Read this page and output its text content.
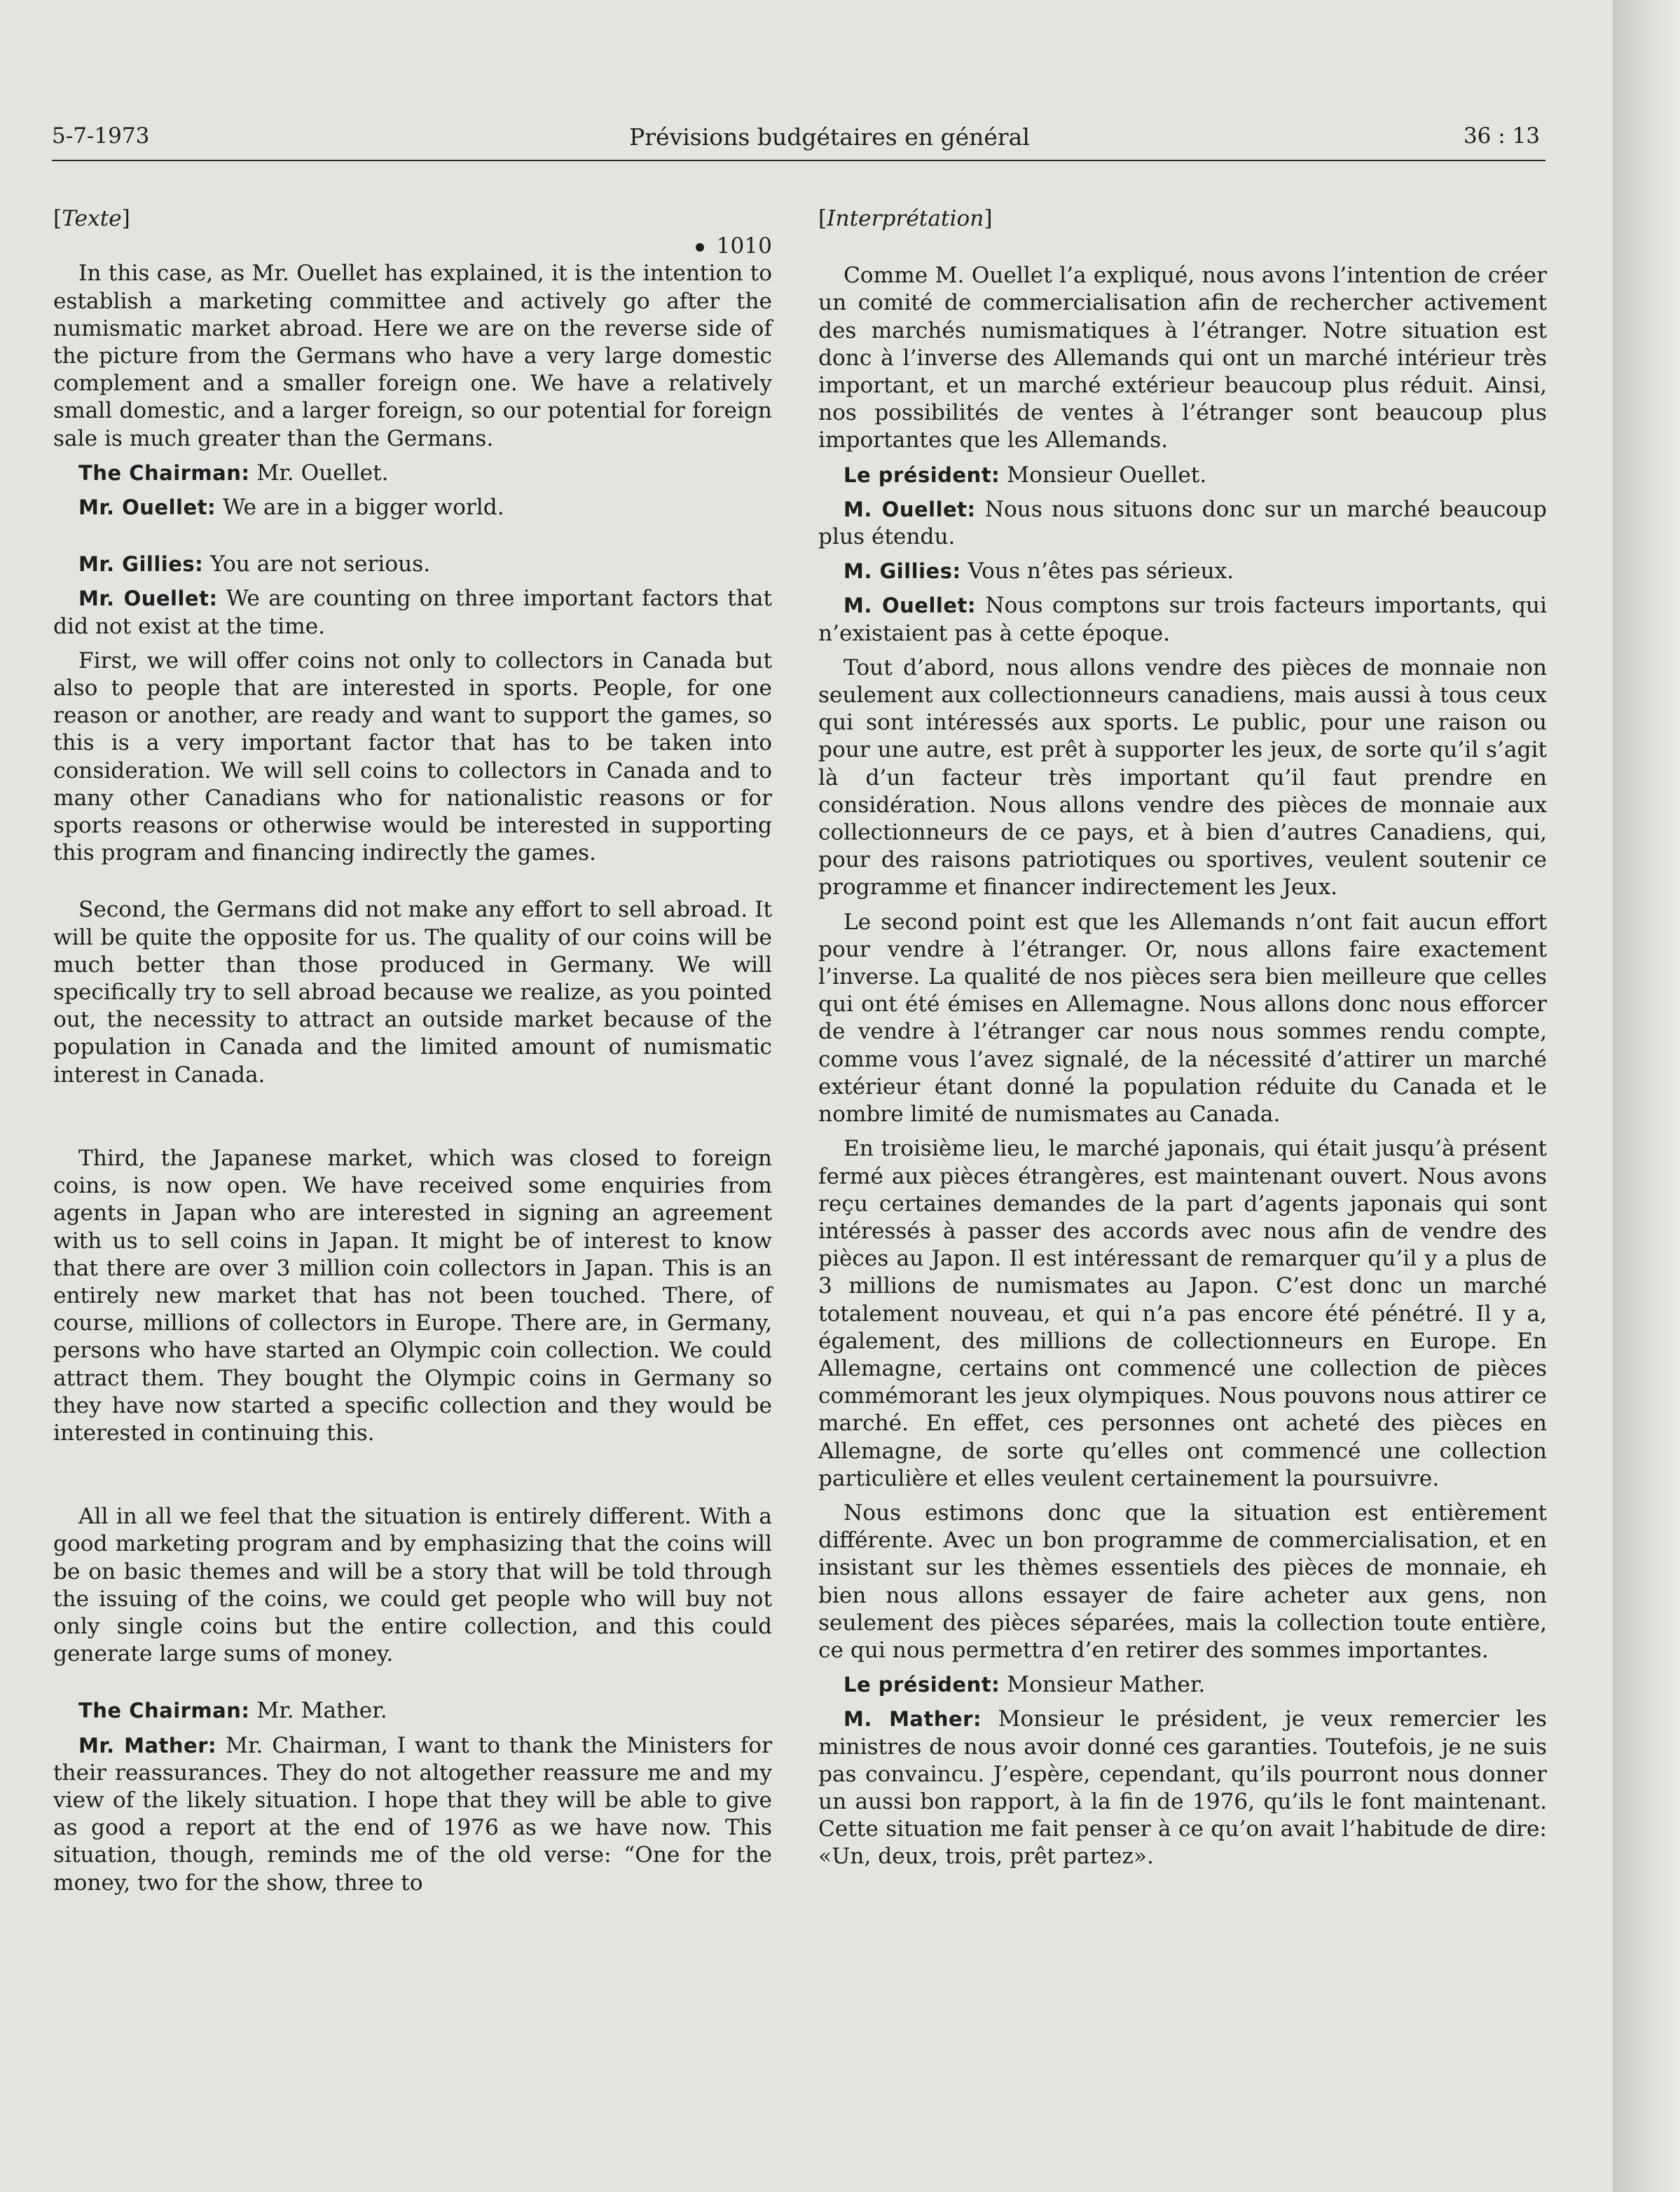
5-7-1973	Prévisions budgétaires en général	36 : 13

[Texte]

1010

In this case, as Mr. Ouellet has explained, it is the intention to establish a marketing committee and actively go after the numismatic market abroad. Here we are on the reverse side of the picture from the Germans who have a very large domestic complement and a smaller foreign one. We have a relatively small domestic, and a larger foreign, so our potential for foreign sale is much greater than the Germans.

The Chairman: Mr. Ouellet.

Mr. Ouellet: We are in a bigger world.

Mr. Gillies: You are not serious.

Mr. Ouellet: We are counting on three important factors that did not exist at the time.

First, we will offer coins not only to collectors in Canada but also to people that are interested in sports. People, for one reason or another, are ready and want to support the games, so this is a very important factor that has to be taken into consideration. We will sell coins to collectors in Canada and to many other Canadians who for nationalistic reasons or for sports reasons or otherwise would be interested in supporting this program and financing indirectly the games.

Second, the Germans did not make any effort to sell abroad. It will be quite the opposite for us. The quality of our coins will be much better than those produced in Germany. We will specifically try to sell abroad because we realize, as you pointed out, the necessity to attract an outside market because of the population in Canada and the limited amount of numismatic interest in Canada.

Third, the Japanese market, which was closed to foreign coins, is now open. We have received some enquiries from agents in Japan who are interested in signing an agreement with us to sell coins in Japan. It might be of interest to know that there are over 3 million coin collectors in Japan. This is an entirely new market that has not been touched. There, of course, millions of collectors in Europe. There are, in Germany, persons who have started an Olympic coin collection. We could attract them. They bought the Olympic coins in Germany so they have now started a specific collection and they would be interested in continuing this.

All in all we feel that the situation is entirely different. With a good marketing program and by emphasizing that the coins will be on basic themes and will be a story that will be told through the issuing of the coins, we could get people who will buy not only single coins but the entire collection, and this could generate large sums of money.

The Chairman: Mr. Mather.

Mr. Mather: Mr. Chairman, I want to thank the Ministers for their reassurances. They do not altogether reassure me and my view of the likely situation. I hope that they will be able to give as good a report at the end of 1976 as we have now. This situation, though, reminds me of the old verse: “One for the money, two for the show, three to

[Interprétation]

Comme M. Ouellet l’a expliqué, nous avons l’intention de créer un comité de commercialisation afin de rechercher activement des marchés numismatiques à l’étranger. Notre situation est donc à l’inverse des Allemands qui ont un marché intérieur très important, et un marché extérieur beaucoup plus réduit. Ainsi, nos possibilités de ventes à l’étranger sont beaucoup plus importantes que les Allemands.

Le président: Monsieur Ouellet.

M. Ouellet: Nous nous situons donc sur un marché beaucoup plus étendu.

M. Gillies: Vous n’êtes pas sérieux.

M. Ouellet: Nous comptons sur trois facteurs importants, qui n’existaient pas à cette époque.

Tout d’abord, nous allons vendre des pièces de monnaie non seulement aux collectionneurs canadiens, mais aussi à tous ceux qui sont intéressés aux sports. Le public, pour une raison ou pour une autre, est prêt à supporter les jeux, de sorte qu’il s’agit là d’un facteur très important qu’il faut prendre en considération. Nous allons vendre des pièces de monnaie aux collectionneurs de ce pays, et à bien d’autres Canadiens, qui, pour des raisons patriotiques ou sportives, veulent soutenir ce programme et financer indirectement les Jeux.

Le second point est que les Allemands n’ont fait aucun effort pour vendre à l’étranger. Or, nous allons faire exactement l’inverse. La qualité de nos pièces sera bien meilleure que celles qui ont été émises en Allemagne. Nous allons donc nous efforcer de vendre à l’étranger car nous nous sommes rendu compte, comme vous l’avez signalé, de la nécessité d’attirer un marché extérieur étant donné la population réduite du Canada et le nombre limité de numismates au Canada.

En troisième lieu, le marché japonais, qui était jusqu’à présent fermé aux pièces étrangères, est maintenant ouvert. Nous avons reçu certaines demandes de la part d’agents japonais qui sont intéressés à passer des accords avec nous afin de vendre des pièces au Japon. Il est intéressant de remarquer qu’il y a plus de 3 millions de numismates au Japon. C’est donc un marché totalement nouveau, et qui n’a pas encore été pénétré. Il y a, également, des millions de collectionneurs en Europe. En Allemagne, certains ont commencé une collection de pièces commémorant les jeux olympiques. Nous pouvons nous attirer ce marché. En effet, ces personnes ont acheté des pièces en Allemagne, de sorte qu’elles ont commencé une collection particulière et elles veulent certainement la poursuivre.

Nous estimons donc que la situation est entièrement différente. Avec un bon programme de commercialisation, et en insistant sur les thèmes essentiels des pièces de monnaie, eh bien nous allons essayer de faire acheter aux gens, non seulement des pièces séparées, mais la collection toute entière, ce qui nous permettra d’en retirer des sommes importantes.

Le président: Monsieur Mather.

M. Mather: Monsieur le président, je veux remercier les ministres de nous avoir donné ces garanties. Toutefois, je ne suis pas convaincu. J’espère, cependant, qu’ils pourront nous donner un aussi bon rapport, à la fin de 1976, qu’ils le font maintenant. Cette situation me fait penser à ce qu’on avait l’habitude de dire: «Un, deux, trois, prêt partez».
